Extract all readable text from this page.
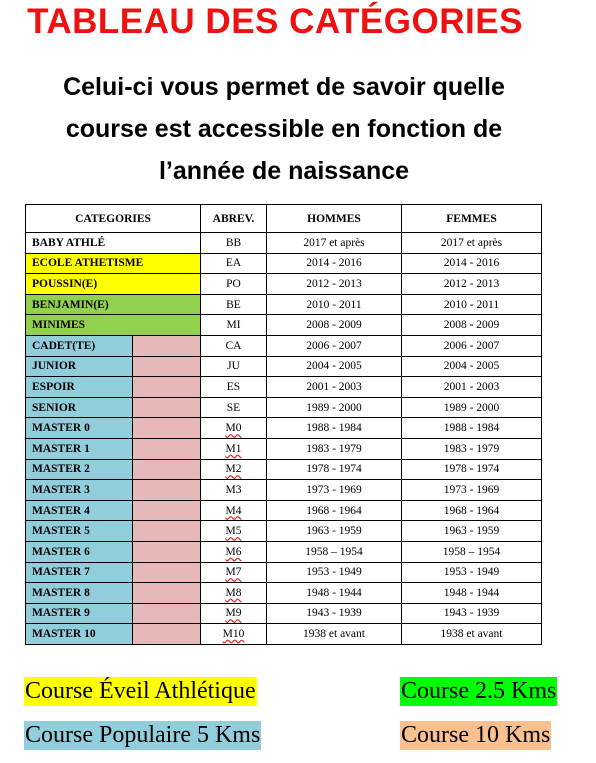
TABLEAU DES CATÉGORIES
Celui-ci vous permet de savoir quelle
course est accessible en fonction de
l’année de naissance
CATEGORIES		ABREV.	HOMMES	FEMMES
BABY ATHLÉ		BB	2017 et après	2017 et après
ECOLE ATHETISME		EA	2014 - 2016	2014 - 2016
POUSSIN(E)		PO	2012 - 2013	2012 - 2013
BENJAMIN(E)		BE	2010 - 2011	2010 - 2011
MINIMES		MI	2008 - 2009	2008 - 2009
CADET(TE)		CA	2006 - 2007	2006 - 2007
JUNIOR		JU	2004 - 2005	2004 - 2005
ESPOIR		ES	2001 - 2003	2001 - 2003
SENIOR		SE	1989 - 2000	1989 - 2000
MASTER 0		M0	1988 - 1984	1988 - 1984
MASTER 1		M1	1983 - 1979	1983 - 1979
MASTER 2		M2	1978 - 1974	1978 - 1974
MASTER 3		M3	1973 - 1969	1973 - 1969
MASTER 4		M4	1968 - 1964	1968 - 1964
MASTER 5		M5	1963 - 1959	1963 - 1959
MASTER 6		M6	1958 – 1954	1958 – 1954
MASTER 7		M7	1953 - 1949	1953 - 1949
MASTER 8		M8	1948 - 1944	1948 - 1944
MASTER 9		M9	1943 - 1939	1943 - 1939
MASTER 10		M10	1938 et avant	1938 et avant
Course Éveil Athlétique	Course 2.5 Kms
Course Populaire 5 Kms	Course 10 Kms
